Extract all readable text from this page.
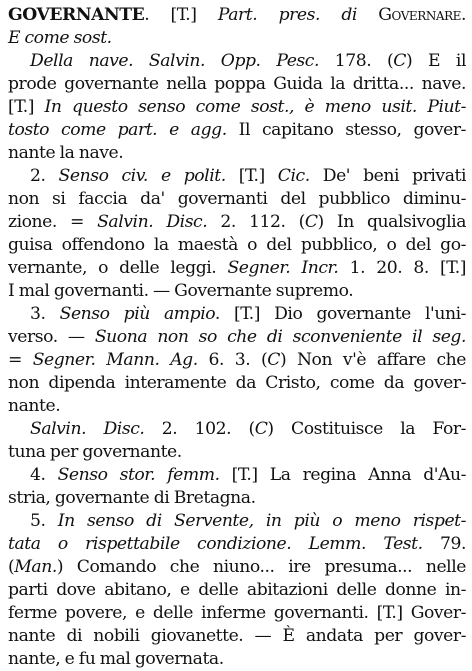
GOVERNANTE. [T.] Part. pres. di Governare.
E come sost.
Della nave. Salvin. Opp. Pesc. 178. (C) E il
prode governante nella poppa Guida la dritta... nave.
[T.] In questo senso come sost., è meno usit. Piut-
tosto come part. e agg. Il capitano stesso, gover-
nante la nave.
2. Senso civ. e polit. [T.] Cic. De' beni privati
non si faccia da' governanti del pubblico diminu-
zione. = Salvin. Disc. 2. 112. (C) In qualsivoglia
guisa offendono la maestà o del pubblico, o del go-
vernante, o delle leggi. Segner. Incr. 1. 20. 8. [T.]
I mal governanti. — Governante supremo.
3. Senso più ampio. [T.] Dio governante l'uni-
verso. — Suona non so che di sconveniente il seg.
= Segner. Mann. Ag. 6. 3. (C) Non v'è affare che
non dipenda interamente da Cristo, come da gover-
nante.
Salvin. Disc. 2. 102. (C) Costituisce la For-
tuna per governante.
4. Senso stor. femm. [T.] La regina Anna d'Au-
stria, governante di Bretagna.
5. In senso di Servente, in più o meno rispet-
tata o rispettabile condizione. Lemm. Test. 79.
(Man.) Comando che niuno... ire presuma... nelle
parti dove abitano, e delle abitazioni delle donne in-
ferme povere, e delle inferme governanti. [T.] Gover-
nante di nobili giovanette. — È andata per gover-
nante, e fu mal governata.
